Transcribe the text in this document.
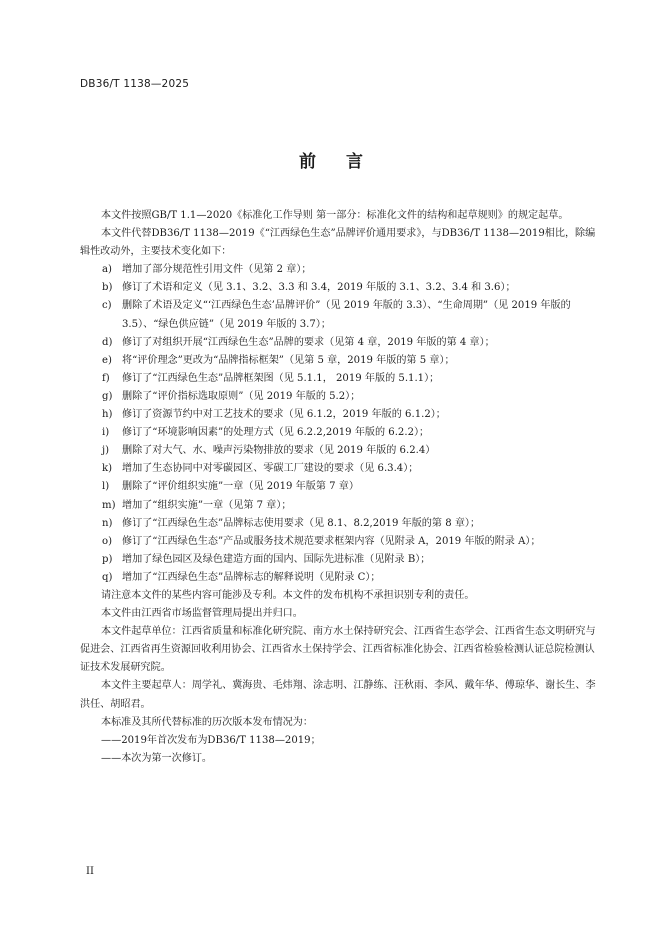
DB36/T 1138—2025
前 言

本文件按照GB/T 1.1—2020《标准化工作导则 第一部分：标准化文件的结构和起草规则》的规定起草。

本文件代替DB36/T 1138—2019《“江西绿色生态”品牌评价通用要求》，与DB36/T 1138—2019相比，除编辑性改动外，主要技术变化如下：

a) 增加了部分规范性引用文件（见第 2 章）；
b) 修订了术语和定义（见 3.1、3.2、3.3 和 3.4，2019 年版的 3.1、3.2、3.4 和 3.6）；
c)	删除了术语及定义“‘江西绿色生态’品牌评价”（见 2019 年版的 3.3）、“生命周期”（见 2019 年版的 3.5）、“绿色供应链”（见 2019 年版的 3.7）；
d) 修订了对组织开展“江西绿色生态”品牌的要求（见第 4 章，2019 年版的第 4 章）；
e) 将“评价理念”更改为“品牌指标框架”（见第 5 章，2019 年版的第 5 章）；
f)	修订了“江西绿色生态”品牌框架图（见 5.1.1， 2019 年版的 5.1.1）；
g) 删除了“评价指标选取原则”（见 2019 年版的 5.2）；
h) 修订了资源节约中对工艺技术的要求（见 6.1.2，2019 年版的 6.1.2）；
i)	修订了“环境影响因素”的处理方式（见 6.2.2,2019 年版的 6.2.2）；
j)	删除了对大气、水、噪声污染物排放的要求（见 2019 年版的 6.2.4）
k) 增加了生态协同中对零碳园区、零碳工厂建设的要求（见 6.3.4）；
l)	删除了“评价组织实施”一章（见 2019 年版第 7 章）
m) 增加了“组织实施”一章（见第 7 章）；
n) 修订了“江西绿色生态”品牌标志使用要求（见 8.1、8.2,2019 年版的第 8 章）；
o) 修订了“江西绿色生态”产品或服务技术规范要求框架内容（见附录 A，2019 年版的附录 A）；
p) 增加了绿色园区及绿色建造方面的国内、国际先进标准（见附录 B）；
q) 增加了“江西绿色生态”品牌标志的解释说明（见附录 C）；

请注意本文件的某些内容可能涉及专利。本文件的发布机构不承担识别专利的责任。

本文件由江西省市场监督管理局提出并归口。

本文件起草单位：江西省质量和标准化研究院、南方水土保持研究会、江西省生态学会、江西省生态文明研究与促进会、江西省再生资源回收利用协会、江西省水土保持学会、江西省标准化协会、江西省检验检测认证总院检测认证技术发展研究院。

本文件主要起草人：周学礼、冀海贵、毛炜翔、涂志明、江静练、汪秋雨、李风、戴年华、傅琼华、谢长生、李洪任、胡昭君。

本标准及其所代替标准的历次版本发布情况为：

——2019年首次发布为DB36/T 1138—2019；

——本次为第一次修订。

II
